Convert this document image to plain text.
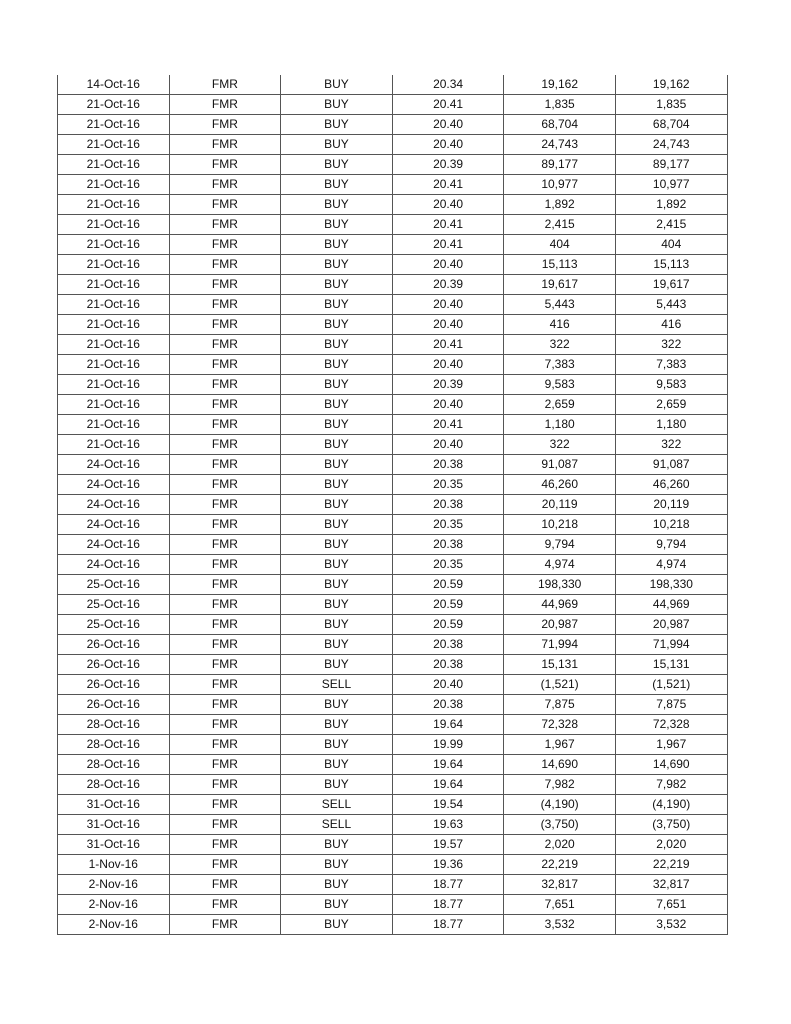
14-Oct-16	FMR	BUY	20.34	19,162	19,162
21-Oct-16	FMR	BUY	20.41	1,835	1,835
21-Oct-16	FMR	BUY	20.40	68,704	68,704
21-Oct-16	FMR	BUY	20.40	24,743	24,743
21-Oct-16	FMR	BUY	20.39	89,177	89,177
21-Oct-16	FMR	BUY	20.41	10,977	10,977
21-Oct-16	FMR	BUY	20.40	1,892	1,892
21-Oct-16	FMR	BUY	20.41	2,415	2,415
21-Oct-16	FMR	BUY	20.41	404	404
21-Oct-16	FMR	BUY	20.40	15,113	15,113
21-Oct-16	FMR	BUY	20.39	19,617	19,617
21-Oct-16	FMR	BUY	20.40	5,443	5,443
21-Oct-16	FMR	BUY	20.40	416	416
21-Oct-16	FMR	BUY	20.41	322	322
21-Oct-16	FMR	BUY	20.40	7,383	7,383
21-Oct-16	FMR	BUY	20.39	9,583	9,583
21-Oct-16	FMR	BUY	20.40	2,659	2,659
21-Oct-16	FMR	BUY	20.41	1,180	1,180
21-Oct-16	FMR	BUY	20.40	322	322
24-Oct-16	FMR	BUY	20.38	91,087	91,087
24-Oct-16	FMR	BUY	20.35	46,260	46,260
24-Oct-16	FMR	BUY	20.38	20,119	20,119
24-Oct-16	FMR	BUY	20.35	10,218	10,218
24-Oct-16	FMR	BUY	20.38	9,794	9,794
24-Oct-16	FMR	BUY	20.35	4,974	4,974
25-Oct-16	FMR	BUY	20.59	198,330	198,330
25-Oct-16	FMR	BUY	20.59	44,969	44,969
25-Oct-16	FMR	BUY	20.59	20,987	20,987
26-Oct-16	FMR	BUY	20.38	71,994	71,994
26-Oct-16	FMR	BUY	20.38	15,131	15,131
26-Oct-16	FMR	SELL	20.40	(1,521)	(1,521)
26-Oct-16	FMR	BUY	20.38	7,875	7,875
28-Oct-16	FMR	BUY	19.64	72,328	72,328
28-Oct-16	FMR	BUY	19.99	1,967	1,967
28-Oct-16	FMR	BUY	19.64	14,690	14,690
28-Oct-16	FMR	BUY	19.64	7,982	7,982
31-Oct-16	FMR	SELL	19.54	(4,190)	(4,190)
31-Oct-16	FMR	SELL	19.63	(3,750)	(3,750)
31-Oct-16	FMR	BUY	19.57	2,020	2,020
1-Nov-16	FMR	BUY	19.36	22,219	22,219
2-Nov-16	FMR	BUY	18.77	32,817	32,817
2-Nov-16	FMR	BUY	18.77	7,651	7,651
2-Nov-16	FMR	BUY	18.77	3,532	3,532
